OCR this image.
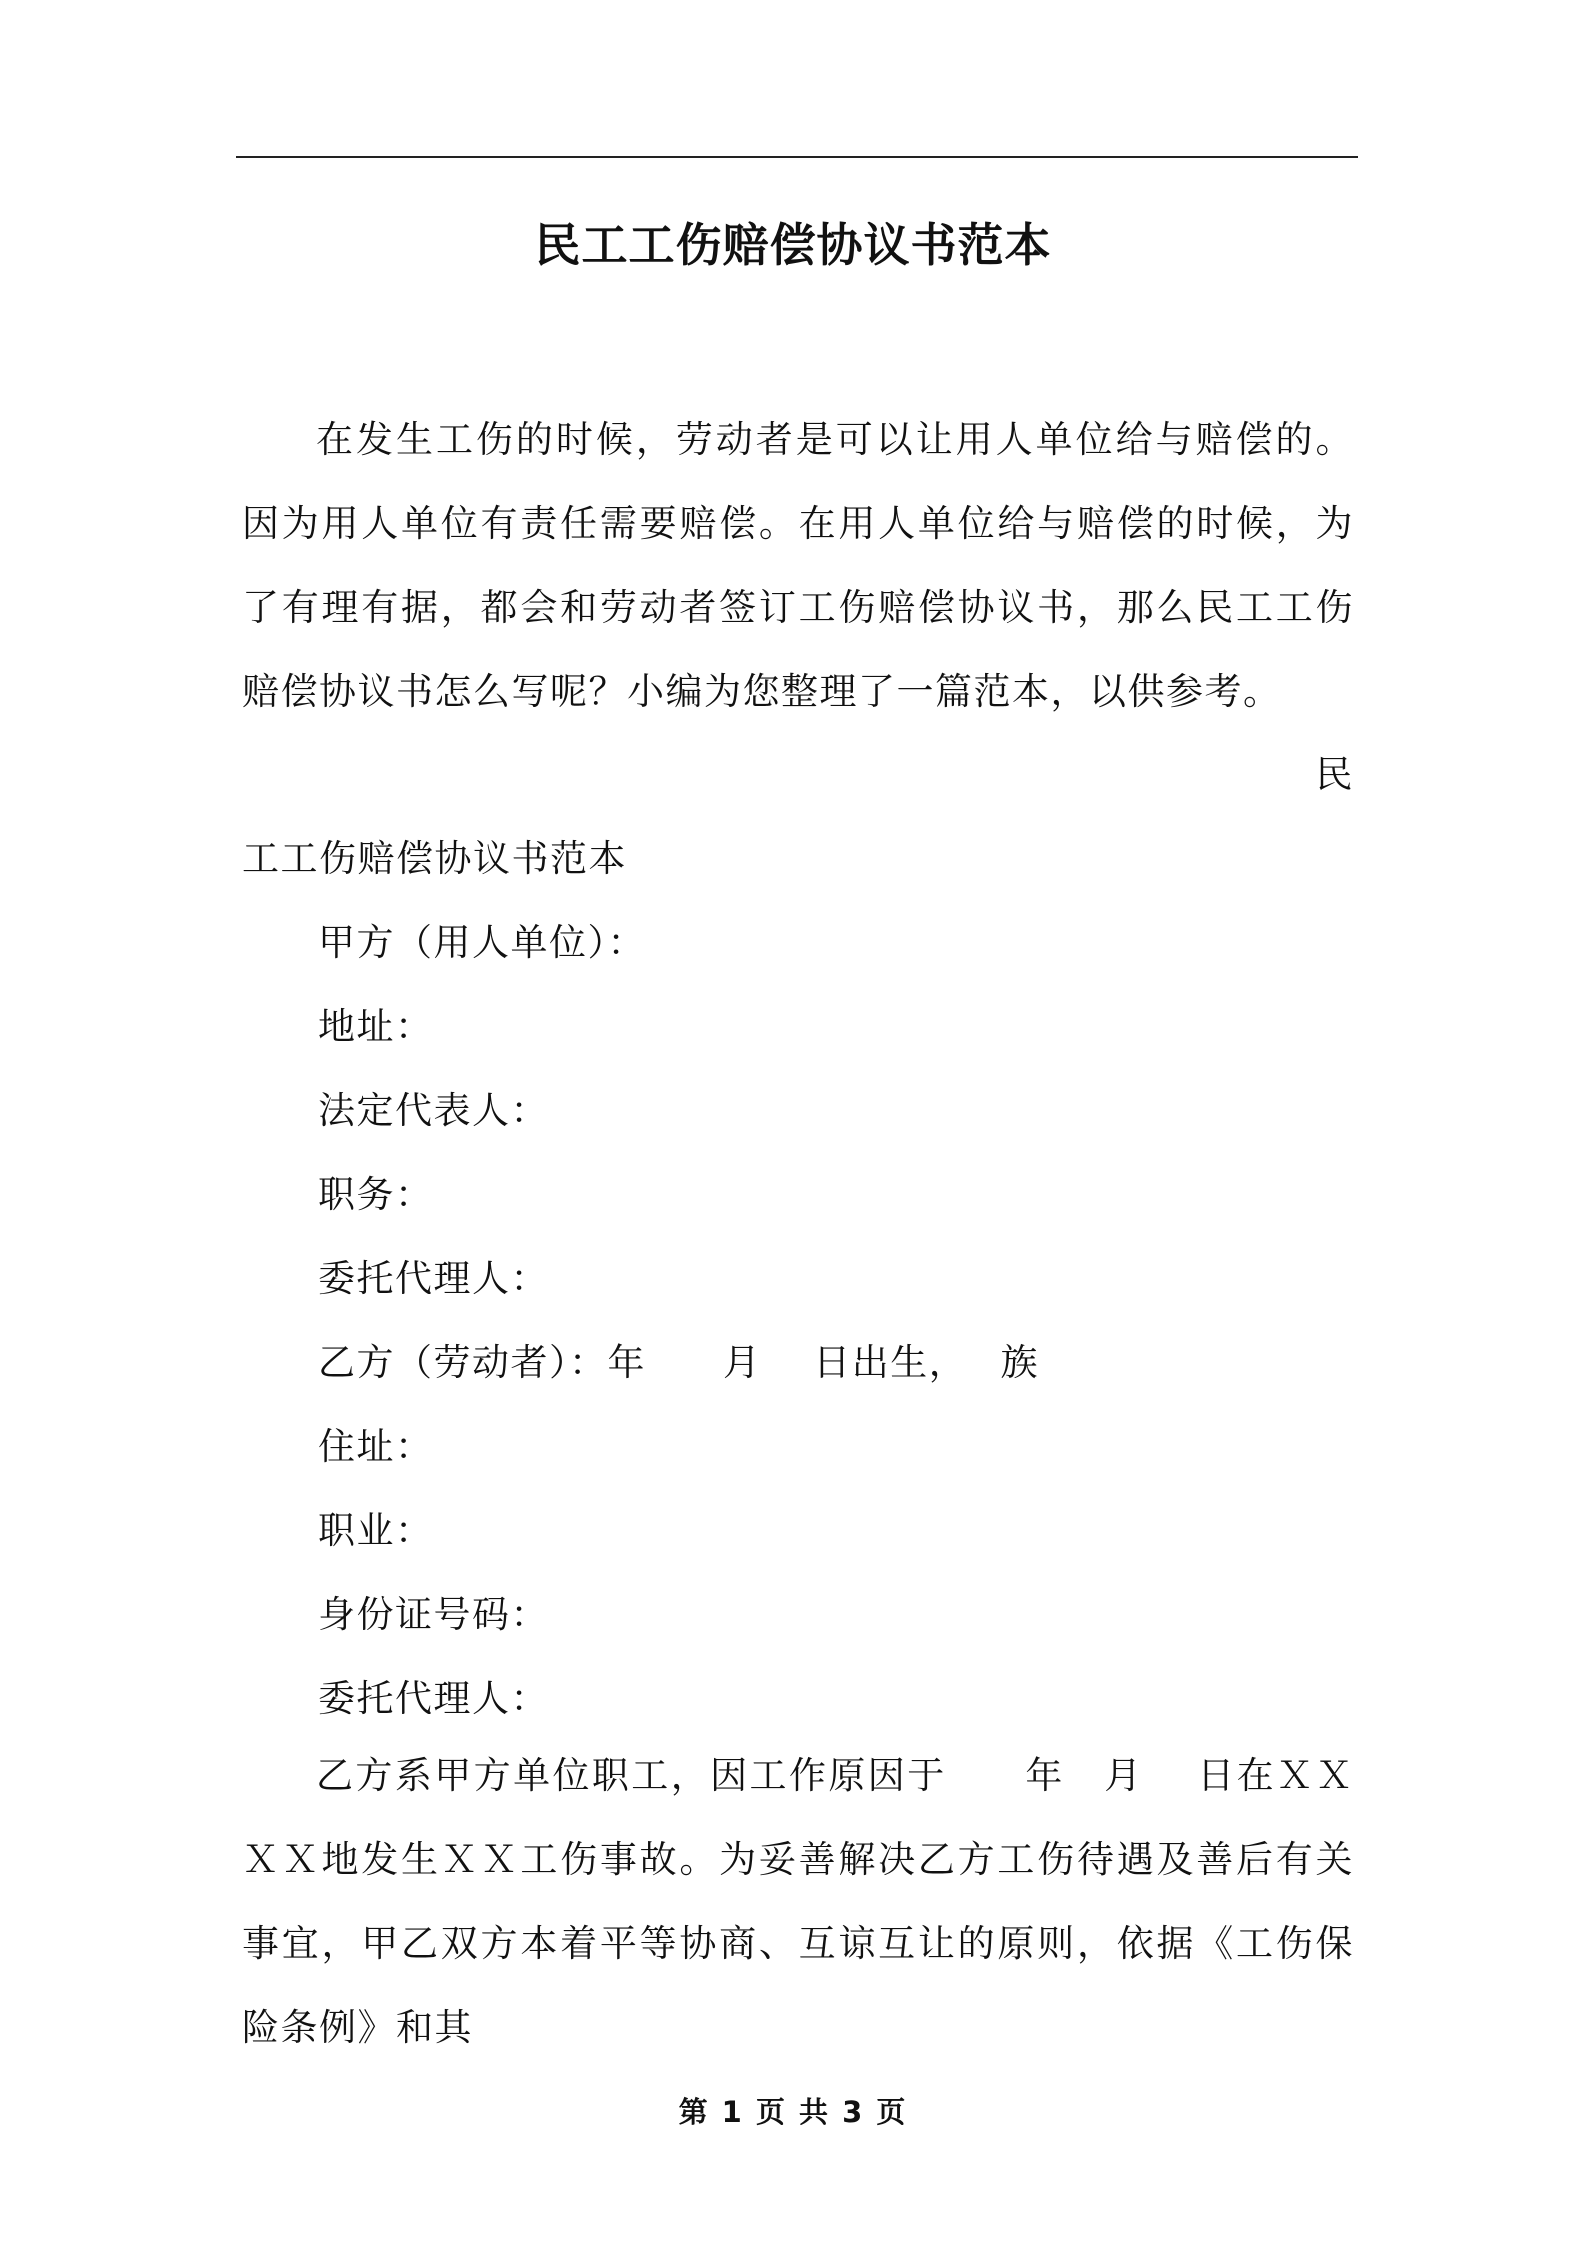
民工工伤赔偿协议书范本

在发生工伤的时候，劳动者是可以让用人单位给与赔偿的。因为用人单位有责任需要赔偿。在用人单位给与赔偿的时候，为了有理有据，都会和劳动者签订工伤赔偿协议书，那么民工工伤赔偿协议书怎么写呢？小编为您整理了一篇范本，以供参考。

民
工工伤赔偿协议书范本
甲方（用人单位）：
地址：
法定代表人：
职务：
委托代理人：
乙方（劳动者）：年　　月　 日出生，　 族
住址：
职业：
身份证号码：
委托代理人：

乙方系甲方单位职工，因工作原因于　　年　月　 日在ＸＸＸＸ地发生ＸＸ工伤事故。为妥善解决乙方工伤待遇及善后有关事宜，甲乙双方本着平等协商、互谅互让的原则，依据《工伤保险条例》和其

第 1 页 共 3 页
